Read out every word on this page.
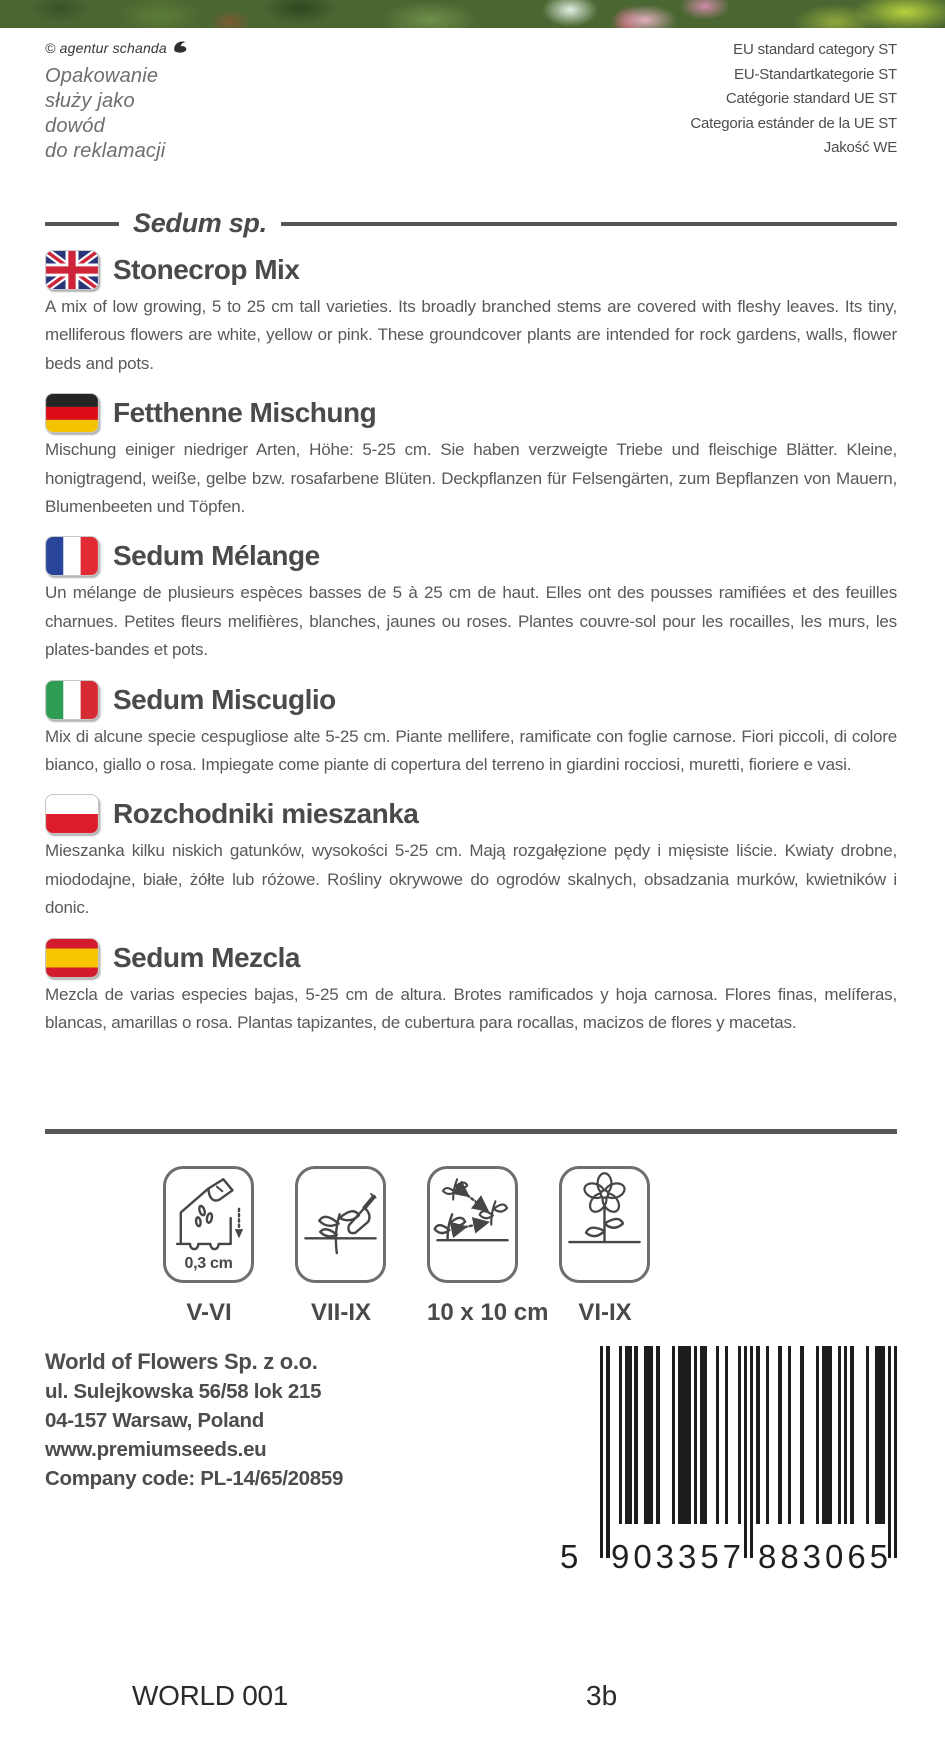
© agentur schanda
Opakowanie
służy jako
dowód
do reklamacji
EU standard category ST
EU-Standartkategorie ST
Catégorie standard UE ST
Categoria estánder de la UE ST
Jakość WE
Sedum sp.
Stonecrop Mix
A mix of low growing, 5 to 25 cm tall varieties. Its broadly branched stems are covered with fleshy leaves. Its tiny, melliferous flowers are white, yellow or pink. These groundcover plants are intended for rock gardens, walls, flower beds and pots.
Fetthenne Mischung
Mischung einiger niedriger Arten, Höhe: 5-25 cm. Sie haben verzweigte Triebe und fleischige Blätter. Kleine, honigtragend, weiße, gelbe bzw. rosafarbene Blüten. Deckpflanzen für Felsengärten, zum Bepflanzen von Mauern, Blumenbeeten und Töpfen.
Sedum Mélange
Un mélange de plusieurs espèces basses de 5 à 25 cm de haut. Elles ont des pousses ramifiées et des feuilles charnues. Petites fleurs melifières, blanches, jaunes ou roses. Plantes couvre-sol pour les rocailles, les murs, les plates-bandes et pots.
Sedum Miscuglio
Mix di alcune specie cespugliose alte 5-25 cm. Piante mellifere, ramificate con foglie carnose. Fiori piccoli, di colore bianco, giallo o rosa. Impiegate come piante di copertura del terreno in giardini rocciosi, muretti, fioriere e vasi.
Rozchodniki mieszanka
Mieszanka kilku niskich gatunków, wysokości 5-25 cm. Mają rozgałęzione pędy i mięsiste liście. Kwiaty drobne, miododajne, białe, żółte lub różowe. Rośliny okrywowe do ogrodów skalnych, obsadzania murków, kwietników i donic.
Sedum Mezcla
Mezcla de varias especies bajas, 5-25 cm de altura. Brotes ramificados y hoja carnosa. Flores finas, melíferas, blancas, amarillas o rosa. Plantas tapizantes, de cubertura para rocallas, macizos de flores y macetas.
0,3 cm
V-VI	VII-IX	10 x 10 cm	VI-IX
World of Flowers Sp. z o.o.
ul. Sulejkowska 56/58 lok 215
04-157 Warsaw, Poland
www.premiumseeds.eu
Company code: PL-14/65/20859
5 9 0 3 3 5 7 8 8 3 0 6 5
WORLD 001	3b
